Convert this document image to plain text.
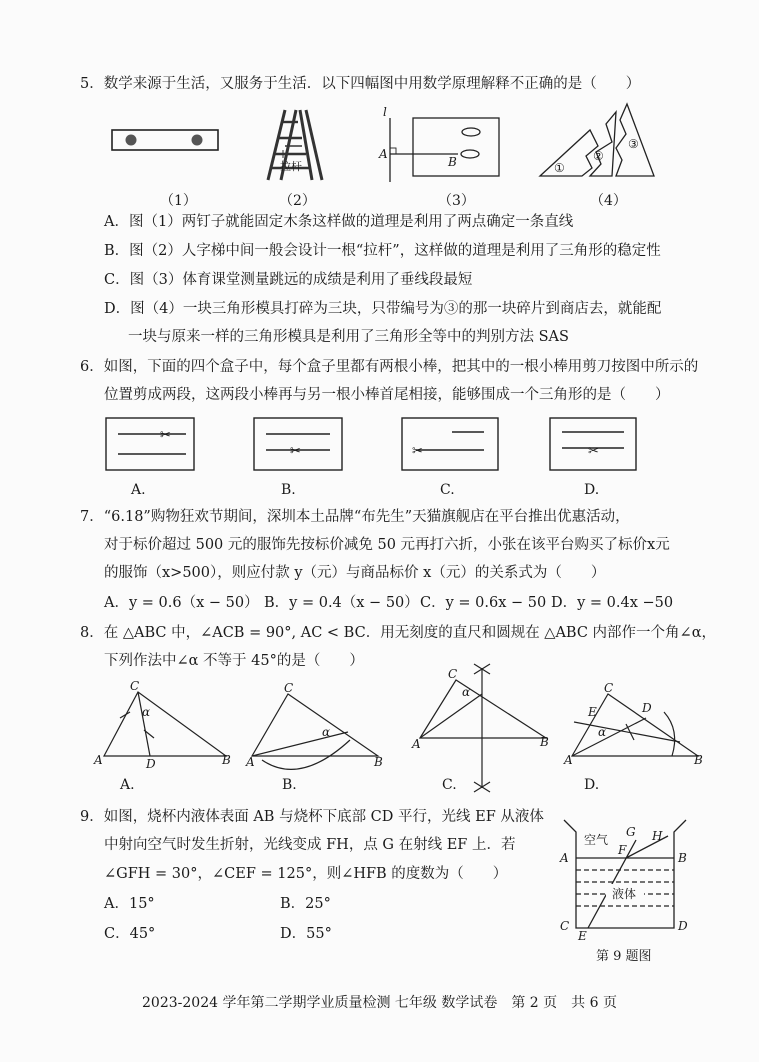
5．数学来源于生活，又服务于生活．以下四幅图中用数学原理解释不正确的是（　　）
拉杆
l
A
B	①
②
③
（1）	（2）	（3）	（4）
A．图（1）两钉子就能固定木条这样做的道理是利用了两点确定一条直线
B．图（2）人字梯中间一般会设计一根“拉杆”，这样做的道理是利用了三角形的稳定性
C．图（3）体育课堂测量跳远的成绩是利用了垂线段最短
D．图（4）一块三角形模具打碎为三块，只带编号为③的那一块碎片到商店去，就能配
一块与原来一样的三角形模具是利用了三角形全等中的判别方法 SAS
6．如图，下面的四个盒子中，每个盒子里都有两根小棒，把其中的一根小棒用剪刀按图中所示的
位置剪成两段，这两段小棒再与另一根小棒首尾相接，能够围成一个三角形的是（　　）
✂
✂	✂	✂
A.	B.	C.	D.
7．“6.18”购物狂欢节期间，深圳本土品牌“布先生”天猫旗舰店在平台推出优惠活动，
对于标价超过 500 元的服饰先按标价减免 50 元再打六折，小张在该平台购买了标价x元
的服饰（x>500），则应付款 y（元）与商品标价 x（元）的关系式为（　　）
A．y = 0.6（x − 50） B．y = 0.4（x − 50） C．y = 0.6x − 50 D．y = 0.4x −50
8．在 △ABC 中，∠ACB = 90°, AC < BC．用无刻度的直尺和圆规在 △ABC 内部作一个角∠α，
下列作法中∠α 不等于 45°的是（　　）
C
α
A	D	B
C
α
A	B
C
α
A	B
C
E	D
α
A	B
A.	B.	C.	D.
9．如图，烧杯内液体表面 AB 与烧杯下底部 CD 平行，光线 EF 从液体
中射向空气时发生折射，光线变成 FH，点 G 在射线 EF 上．若
∠GFH = 30°，∠CEF = 125°，则∠HFB 的度数为（　　）
A．15°	B．25°
C．45°	D．55°
空气
液体
A	B
C	D
E
F
G H
第 9 题图
2023-2024 学年第二学期学业质量检测 七年级 数学试卷　第 2 页　共 6 页
